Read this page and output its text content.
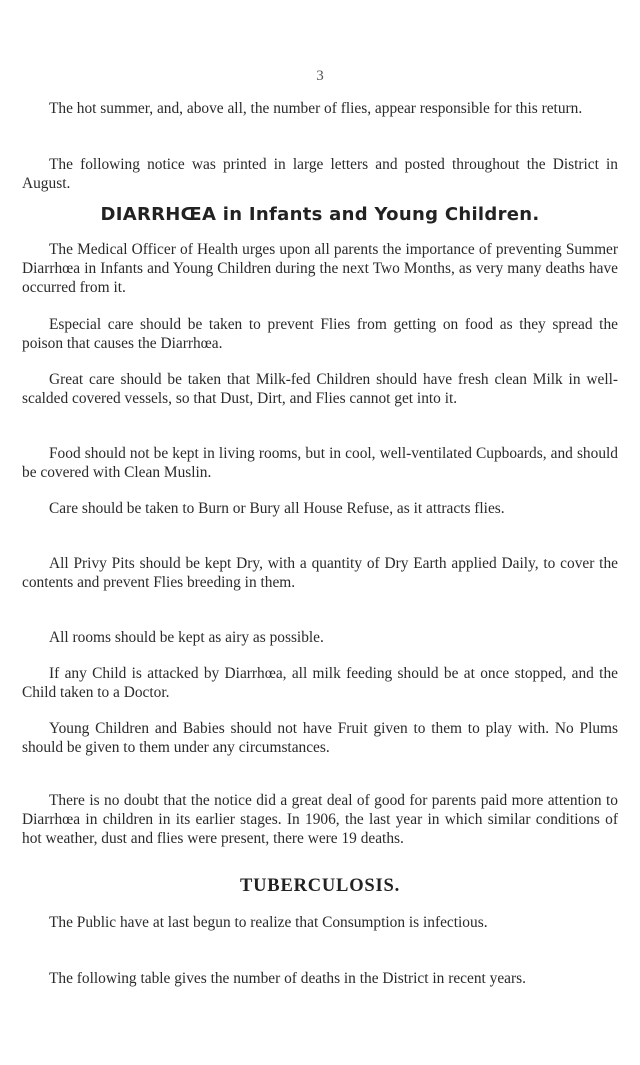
3

The hot summer, and, above all, the number of flies, appear responsible for this return.

The following notice was printed in large letters and posted throughout the District in August.

DIARRHŒA in Infants and Young Children.

The Medical Officer of Health urges upon all parents the importance of preventing Summer Diarrhœa in Infants and Young Children during the next Two Months, as very many deaths have occurred from it.

Especial care should be taken to prevent Flies from getting on food as they spread the poison that causes the Diarrhœa.

Great care should be taken that Milk-fed Children should have fresh clean Milk in well-scalded covered vessels, so that Dust, Dirt, and Flies cannot get into it.

Food should not be kept in living rooms, but in cool, well-ventilated Cupboards, and should be covered with Clean Muslin.

Care should be taken to Burn or Bury all House Refuse, as it attracts flies.

All Privy Pits should be kept Dry, with a quantity of Dry Earth applied Daily, to cover the contents and prevent Flies breeding in them.

All rooms should be kept as airy as possible.

If any Child is attacked by Diarrhœa, all milk feeding should be at once stopped, and the Child taken to a Doctor.

Young Children and Babies should not have Fruit given to them to play with. No Plums should be given to them under any circumstances.

There is no doubt that the notice did a great deal of good for parents paid more attention to Diarrhœa in children in its earlier stages. In 1906, the last year in which similar conditions of hot weather, dust and flies were present, there were 19 deaths.

TUBERCULOSIS.

The Public have at last begun to realize that Consumption is infectious.

The following table gives the number of deaths in the District in recent years.
